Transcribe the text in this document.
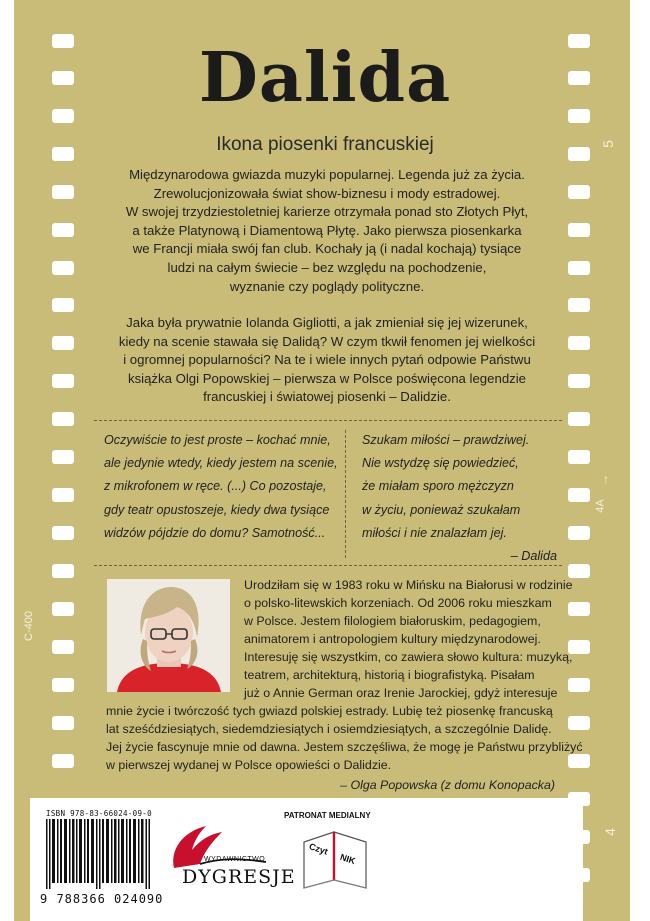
5
4A
↑
C-400
4
Dalida
Ikona piosenki francuskiej
Międzynarodowa gwiazda muzyki popularnej. Legenda już za życia.
Zrewolucjonizowała świat show-biznesu i mody estradowej.
W swojej trzydziestoletniej karierze otrzymała ponad sto Złotych Płyt,
a także Platynową i Diamentową Płytę. Jako pierwsza piosenkarka
we Francji miała swój fan club. Kochały ją (i nadal kochają) tysiące
ludzi na całym świecie – bez względu na pochodzenie,
wyznanie czy poglądy polityczne.
Jaka była prywatnie Iolanda Gigliotti, a jak zmieniał się jej wizerunek,
kiedy na scenie stawała się Dalidą? W czym tkwił fenomen jej wielkości
i ogromnej popularności? Na te i wiele innych pytań odpowie Państwu
książka Olgi Popowskiej – pierwsza w Polsce poświęcona legendzie
francuskiej i światowej piosenki – Dalidzie.
Oczywiście to jest proste – kochać mnie,
ale jedynie wtedy, kiedy jestem na scenie,
z mikrofonem w ręce. (...) Co pozostaje,
gdy teatr opustoszeje, kiedy dwa tysiące
widzów pójdzie do domu? Samotność...
Szukam miłości – prawdziwej.
Nie wstydzę się powiedzieć,
że miałam sporo mężczyzn
w życiu, ponieważ szukałam
miłości i nie znalazłam jej.
– Dalida
Urodziłam się w 1983 roku w Mińsku na Białorusi w rodzinie
o polsko-litewskich korzeniach. Od 2006 roku mieszkam
w Polsce. Jestem filologiem białoruskim, pedagogiem,
animatorem i antropologiem kultury międzynarodowej.
Interesuję się wszystkim, co zawiera słowo kultura: muzyką,
teatrem, architekturą, historią i biografistyką. Pisałam
już o Annie German oraz Irenie Jarockiej, gdyż interesuje
mnie życie i twórczość tych gwiazd polskiej estrady. Lubię też piosenkę francuską
lat sześćdziesiątych, siedemdziesiątych i osiemdziesiątych, a szczególnie Dalidę.
Jej życie fascynuje mnie od dawna. Jestem szczęśliwa, że mogę je Państwu przybliżyć
w pierwszej wydanej w Polsce opowieści o Dalidzie.
– Olga Popowska (z domu Konopacka)
ISBN 978-83-66024-09-0
9 788366 024090
WYDAWNICTWO
DYGRESJE
PATRONAT MEDIALNY
Czyt
NIK
